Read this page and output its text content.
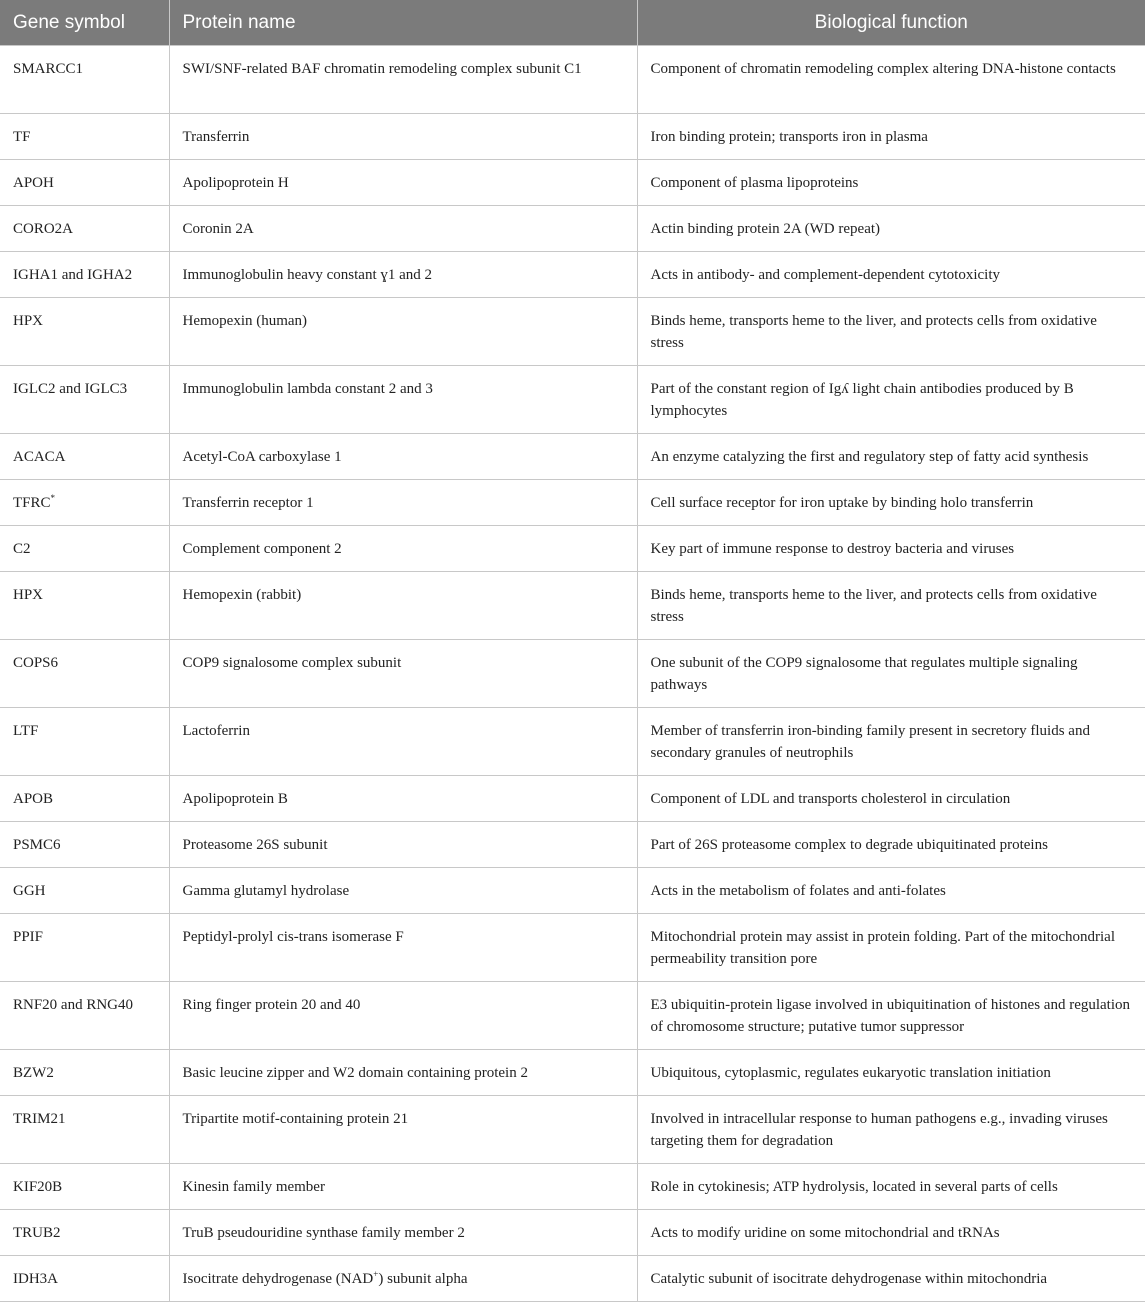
Gene symbol	Protein name	Biological function
SMARCC1	SWI/SNF-related BAF chromatin remodeling complex subunit C1	Component of chromatin remodeling complex altering DNA-histone contacts
TF	Transferrin	Iron binding protein; transports iron in plasma
APOH	Apolipoprotein H	Component of plasma lipoproteins
CORO2A	Coronin 2A	Actin binding protein 2A (WD repeat)
IGHA1 and IGHA2	Immunoglobulin heavy constant ɣ1 and 2	Acts in antibody- and complement-dependent cytotoxicity
HPX	Hemopexin (human)	Binds heme, transports heme to the liver, and protects cells from oxidative stress
IGLC2 and IGLC3	Immunoglobulin lambda constant 2 and 3	Part of the constant region of Igʎ light chain antibodies produced by B lymphocytes
ACACA	Acetyl-CoA carboxylase 1	An enzyme catalyzing the first and regulatory step of fatty acid synthesis
TFRC*	Transferrin receptor 1	Cell surface receptor for iron uptake by binding holo transferrin
C2	Complement component 2	Key part of immune response to destroy bacteria and viruses
HPX	Hemopexin (rabbit)	Binds heme, transports heme to the liver, and protects cells from oxidative stress
COPS6	COP9 signalosome complex subunit	One subunit of the COP9 signalosome that regulates multiple signaling pathways
LTF	Lactoferrin	Member of transferrin iron-binding family present in secretory fluids and secondary granules of neutrophils
APOB	Apolipoprotein B	Component of LDL and transports cholesterol in circulation
PSMC6	Proteasome 26S subunit	Part of 26S proteasome complex to degrade ubiquitinated proteins
GGH	Gamma glutamyl hydrolase	Acts in the metabolism of folates and anti-folates
PPIF	Peptidyl-prolyl cis-trans isomerase F	Mitochondrial protein may assist in protein folding. Part of the mitochondrial permeability transition pore
RNF20 and RNG40	Ring finger protein 20 and 40	E3 ubiquitin-protein ligase involved in ubiquitination of histones and regulation of chromosome structure; putative tumor suppressor
BZW2	Basic leucine zipper and W2 domain containing protein 2	Ubiquitous, cytoplasmic, regulates eukaryotic translation initiation
TRIM21	Tripartite motif-containing protein 21	Involved in intracellular response to human pathogens e.g., invading viruses targeting them for degradation
KIF20B	Kinesin family member	Role in cytokinesis; ATP hydrolysis, located in several parts of cells
TRUB2	TruB pseudouridine synthase family member 2	Acts to modify uridine on some mitochondrial and tRNAs
IDH3A	Isocitrate dehydrogenase (NAD+) subunit alpha	Catalytic subunit of isocitrate dehydrogenase within mitochondria
